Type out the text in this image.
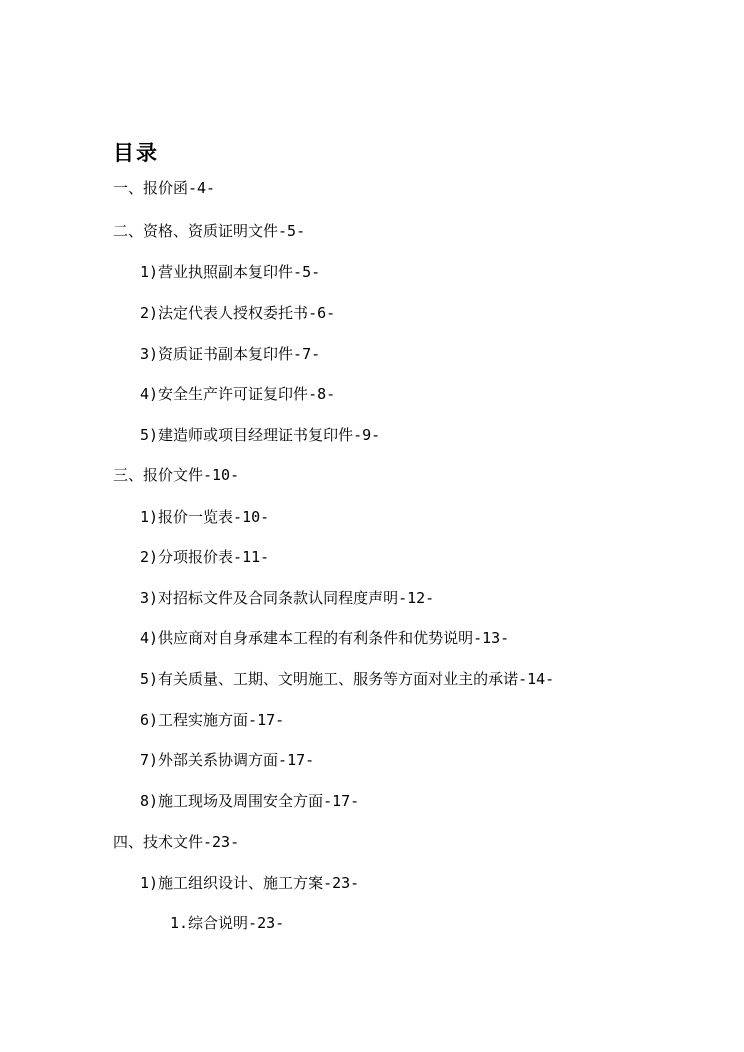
目录
一、报价函-4-
二、资格、资质证明文件-5-
1)营业执照副本复印件-5-
2)法定代表人授权委托书-6-
3)资质证书副本复印件-7-
4)安全生产许可证复印件-8-
5)建造师或项目经理证书复印件-9-
三、报价文件-10-
1)报价一览表-10-
2)分项报价表-11-
3)对招标文件及合同条款认同程度声明-12-
4)供应商对自身承建本工程的有利条件和优势说明-13-
5)有关质量、工期、文明施工、服务等方面对业主的承诺-14-
6)工程实施方面-17-
7)外部关系协调方面-17-
8)施工现场及周围安全方面-17-
四、技术文件-23-
1)施工组织设计、施工方案-23-
1.综合说明-23-
